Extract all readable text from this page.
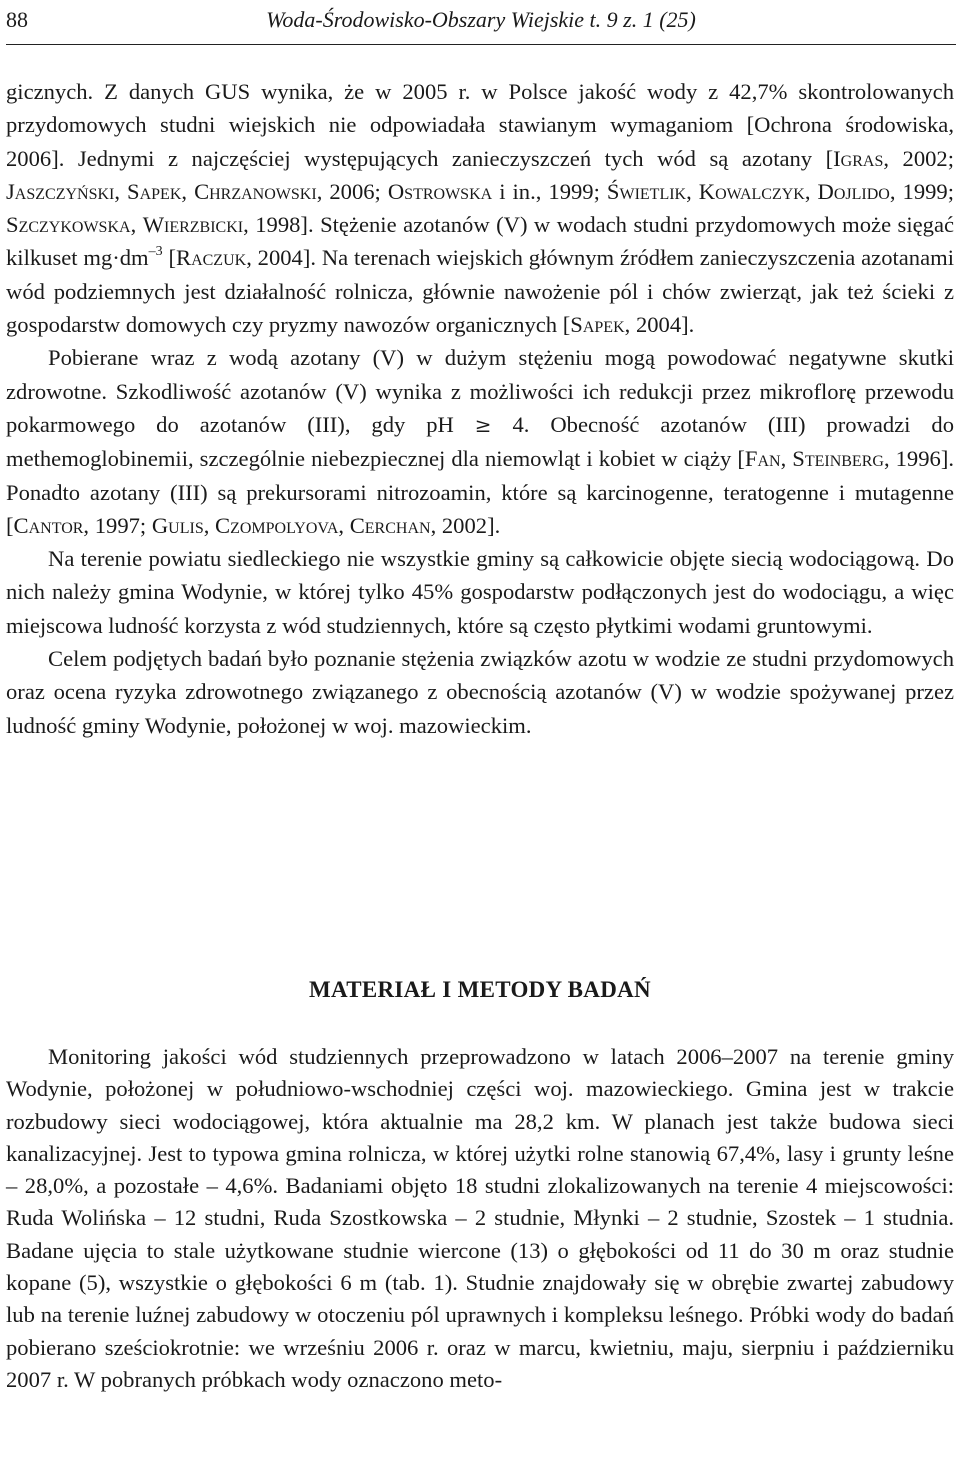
88	Woda-Środowisko-Obszary Wiejskie t. 9 z. 1 (25)

gicznych. Z danych GUS wynika, że w 2005 r. w Polsce jakość wody z 42,7% skontrolowanych przydomowych studni wiejskich nie odpowiadała stawianym wymaganiom [Ochrona środowiska, 2006]. Jednymi z najczęściej występujących zanieczyszczeń tych wód są azotany [Igras, 2002; Jaszczyński, Sapek, Chrzanowski, 2006; Ostrowska i in., 1999; Świetlik, Kowalczyk, Dojlido, 1999; Szczykowska, Wierzbicki, 1998]. Stężenie azotanów (V) w wodach studni przydomowych może sięgać kilkuset $mg\cdot dm^{-3}$ [Raczuk, 2004]. Na terenach wiejskich głównym źródłem zanieczyszczenia azotanami wód podziemnych jest działalność rolnicza, głównie nawożenie pól i chów zwierząt, jak też ścieki z gospodarstw domowych czy pryzmy nawozów organicznych [Sapek, 2004].

Pobierane wraz z wodą azotany (V) w dużym stężeniu mogą powodować negatywne skutki zdrowotne. Szkodliwość azotanów (V) wynika z możliwości ich redukcji przez mikroflorę przewodu pokarmowego do azotanów (III), gdy pH ≥ 4. Obecność azotanów (III) prowadzi do methemoglobinemii, szczególnie niebezpiecznej dla niemowląt i kobiet w ciąży [Fan, Steinberg, 1996]. Ponadto azotany (III) są prekursorami nitrozoamin, które są karcinogenne, teratogenne i mutagenne [Cantor, 1997; Gulis, Czompolyova, Cerchan, 2002].

Na terenie powiatu siedleckiego nie wszystkie gminy są całkowicie objęte siecią wodociągową. Do nich należy gmina Wodynie, w której tylko 45% gospodarstw podłączonych jest do wodociągu, a więc miejscowa ludność korzysta z wód studziennych, które są często płytkimi wodami gruntowymi.

Celem podjętych badań było poznanie stężenia związków azotu w wodzie ze studni przydomowych oraz ocena ryzyka zdrowotnego związanego z obecnością azotanów (V) w wodzie spożywanej przez ludność gminy Wodynie, położonej w woj. mazowieckim.

MATERIAŁ I METODY BADAŃ

Monitoring jakości wód studziennych przeprowadzono w latach 2006–2007 na terenie gminy Wodynie, położonej w południowo-wschodniej części woj. mazowieckiego. Gmina jest w trakcie rozbudowy sieci wodociągowej, która aktualnie ma 28,2 km. W planach jest także budowa sieci kanalizacyjnej. Jest to typowa gmina rolnicza, w której użytki rolne stanowią 67,4%, lasy i grunty leśne – 28,0%, a pozostałe – 4,6%. Badaniami objęto 18 studni zlokalizowanych na terenie 4 miejscowości: Ruda Wolińska – 12 studni, Ruda Szostkowska – 2 studnie, Młynki – 2 studnie, Szostek – 1 studnia. Badane ujęcia to stale użytkowane studnie wiercone (13) o głębokości od 11 do 30 m oraz studnie kopane (5), wszystkie o głębokości 6 m (tab. 1). Studnie znajdowały się w obrębie zwartej zabudowy lub na terenie luźnej zabudowy w otoczeniu pól uprawnych i kompleksu leśnego. Próbki wody do badań pobierano sześciokrotnie: we wrześniu 2006 r. oraz w marcu, kwietniu, maju, sierpniu i październiku 2007 r. W pobranych próbkach wody oznaczono meto-
